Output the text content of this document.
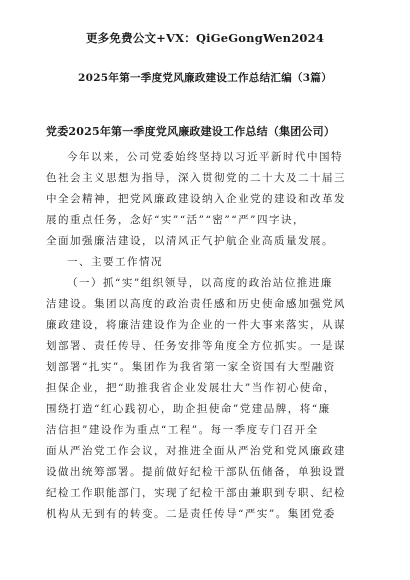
更多免费公文+VX：QiGeGongWen2024
2025年第一季度党风廉政建设工作总结汇编（3篇）
党委2025年第一季度党风廉政建设工作总结（集团公司）
今年以来，公司党委始终坚持以习近平新时代中国特
色社会主义思想为指导，深入贯彻党的二十大及二十届三
中全会精神，把党风廉政建设纳入企业党的建设和改革发
展的重点任务，念好“实”“活”“密”“严”四字诀，
全面加强廉洁建设，以清风正气护航企业高质量发展。
一、主要工作情况
（一）抓“实”组织领导，以高度的政治站位推进廉
洁建设。集团以高度的政治责任感和历史使命感加强党风
廉政建设，将廉洁建设作为企业的一件大事来落实，从谋
划部署、责任传导、任务安排等角度全方位抓实。一是谋
划部署“扎实”。集团作为我省第一家全资国有大型融资
担保企业，把“助推我省企业发展壮大”当作初心使命，
围绕打造“红心践初心，助企担使命”党建品牌，将“廉
洁信担”建设作为重点“工程”。每一季度专门召开全
面从严治党工作会议，对推进全面从严治党和党风廉政建
设做出统筹部署。提前做好纪检干部队伍储备，单独设置
纪检工作职能部门，实现了纪检干部由兼职到专职、纪检
机构从无到有的转变。二是责任传导“严实”。集团党委
